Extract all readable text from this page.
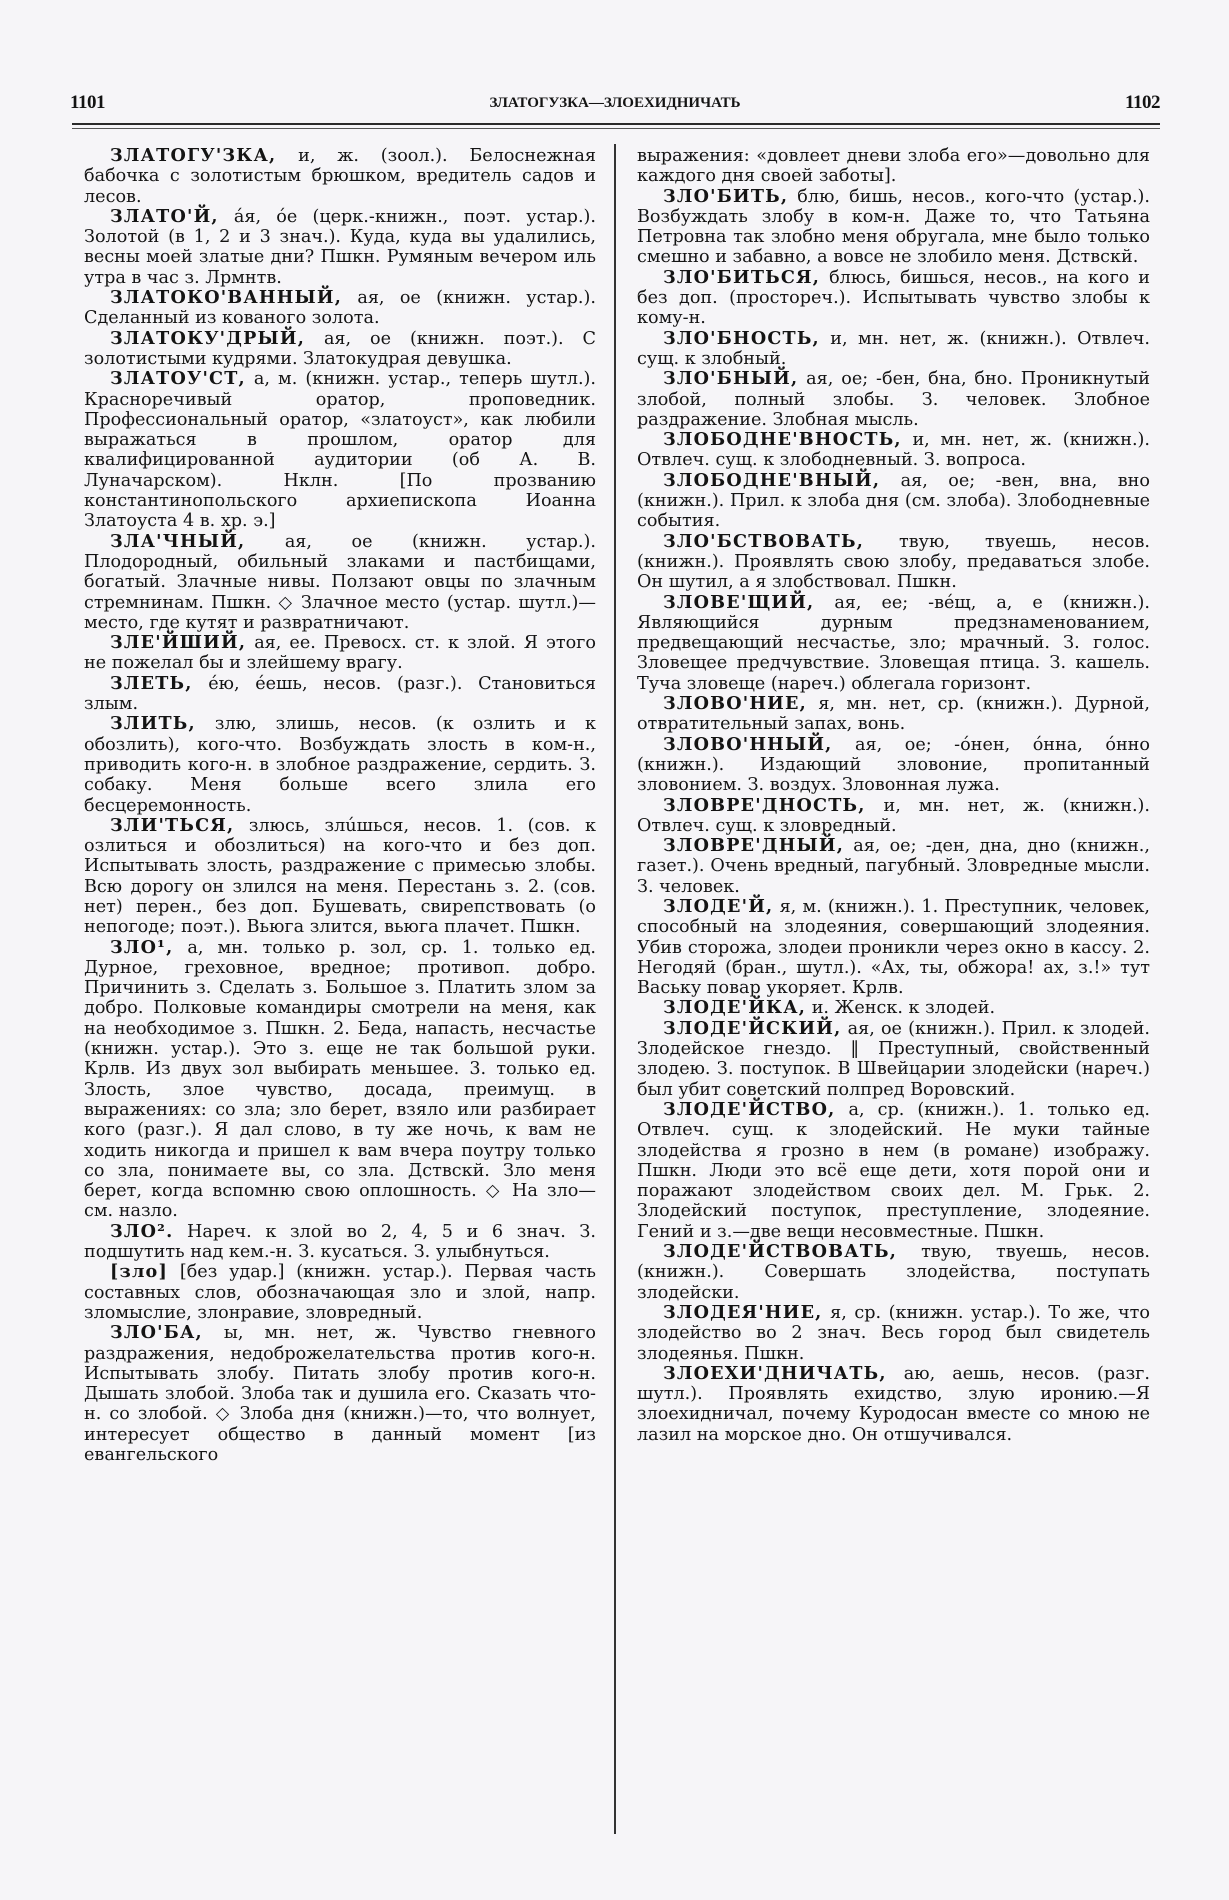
1101	ЗЛАТОГУЗКА—ЗЛОЕХИДНИЧАТЬ	1102

ЗЛАТОГУ'ЗКА, и, ж. (зоол.). Белоснежная бабочка с золотистым брюшком, вредитель садов и лесов.

ЗЛАТО'Й, áя, óе (церк.-книжн., поэт. устар.). Золотой (в 1, 2 и 3 знач.). Куда, куда вы удалились, весны моей златые дни? Пшкн. Румяным вечером иль утра в час з. Лрмнтв.

ЗЛАТОКО'ВАННЫЙ, ая, ое (книжн. устар.). Сделанный из кованого золота.

ЗЛАТОКУ'ДРЫЙ, ая, ое (книжн. поэт.). С золотистыми кудрями. Златокудрая девушка.

ЗЛАТОУ'СТ, а, м. (книжн. устар., теперь шутл.). Красноречивый оратор, проповедник. Профессиональный оратор, «златоуст», как любили выражаться в прошлом, оратор для квалифицированной аудитории (об А. В. Луначарском). Нклн. [По прозванию константинопольского архиепископа Иоанна Златоуста 4 в. хр. э.]

ЗЛА'ЧНЫЙ, ая, ое (книжн. устар.). Плодородный, обильный злаками и пастбищами, богатый. Злачные нивы. Ползают овцы по злачным стремнинам. Пшкн. ◇ Злачное место (устар. шутл.)—место, где кутят и развратничают.

ЗЛЕ'ЙШИЙ, ая, ее. Превосх. ст. к злой. Я этого не пожелал бы и злейшему врагу.

ЗЛЕТЬ, éю, éешь, несов. (разг.). Становиться злым.

ЗЛИТЬ, злю, злишь, несов. (к озлить и к обозлить), кого-что. Возбуждать злость в ком-н., приводить кого-н. в злобное раздражение, сердить. З. собаку. Меня больше всего злила его бесцеремонность.

ЗЛИ'ТЬСЯ, злюсь, злúшься, несов. 1. (сов. к озлиться и обозлиться) на кого-что и без доп. Испытывать злость, раздражение с примесью злобы. Всю дорогу он злился на меня. Перестань з. 2. (сов. нет) перен., без доп. Бушевать, свирепствовать (о непогоде; поэт.). Вьюга злится, вьюга плачет. Пшкн.

ЗЛО¹, а, мн. только р. зол, ср. 1. только ед. Дурное, греховное, вредное; противоп. добро. Причинить з. Сделать з. Большое з. Платить злом за добро. Полковые командиры смотрели на меня, как на необходимое з. Пшкн. 2. Беда, напасть, несчастье (книжн. устар.). Это з. еще не так большой руки. Крлв. Из двух зол выбирать меньшее. 3. только ед. Злость, злое чувство, досада, преимущ. в выражениях: со зла; зло берет, взяло или разбирает кого (разг.). Я дал слово, в ту же ночь, к вам не ходить никогда и пришел к вам вчера поутру только со зла, понимаете вы, со зла. Дствскй. Зло меня берет, когда вспомню свою оплошность. ◇ На зло—см. назло.

ЗЛО². Нареч. к злой во 2, 4, 5 и 6 знач. З. подшутить над кем.-н. З. кусаться. З. улыбнуться.

[зло] [без удар.] (книжн. устар.). Первая часть составных слов, обозначающая зло и злой, напр. зломыслие, злонравие, зловредный.

ЗЛО'БА, ы, мн. нет, ж. Чувство гневного раздражения, недоброжелательства против кого-н. Испытывать злобу. Питать злобу против кого-н. Дышать злобой. Злоба так и душила его. Сказать что-н. со злобой. ◇ Злоба дня (книжн.)—то, что волнует, интересует общество в данный момент [из евангельского

выражения: «довлеет дневи злоба его»—довольно для каждого дня своей заботы].

ЗЛО'БИТЬ, блю, бишь, несов., кого-что (устар.). Возбуждать злобу в ком-н. Даже то, что Татьяна Петровна так злобно меня обругала, мне было только смешно и забавно, а вовсе не злобило меня. Дствскй.

ЗЛО'БИТЬСЯ, блюсь, бишься, несов., на кого и без доп. (простореч.). Испытывать чувство злобы к кому-н.

ЗЛО'БНОСТЬ, и, мн. нет, ж. (книжн.). Отвлеч. сущ. к злобный.

ЗЛО'БНЫЙ, ая, ое; -бен, бна, бно. Проникнутый злобой, полный злобы. З. человек. Злобное раздражение. Злобная мысль.

ЗЛОБОДНЕ'ВНОСТЬ, и, мн. нет, ж. (книжн.). Отвлеч. сущ. к злободневный. З. вопроса.

ЗЛОБОДНЕ'ВНЫЙ, ая, ое; -вен, вна, вно (книжн.). Прил. к злоба дня (см. злоба). Злободневные события.

ЗЛО'БСТВОВАТЬ, твую, твуешь, несов. (книжн.). Проявлять свою злобу, предаваться злобе. Он шутил, а я злобствовал. Пшкн.

ЗЛОВЕ'ЩИЙ, ая, ее; -вéщ, а, е (книжн.). Являющийся дурным предзнаменованием, предвещающий несчастье, зло; мрачный. З. голос. Зловещее предчувствие. Зловещая птица. З. кашель. Туча зловеще (нареч.) облегала горизонт.

ЗЛОВО'НИЕ, я, мн. нет, ср. (книжн.). Дурной, отвратительный запах, вонь.

ЗЛОВО'ННЫЙ, ая, ое; -óнен, óнна, óнно (книжн.). Издающий зловоние, пропитанный зловонием. З. воздух. Зловонная лужа.

ЗЛОВРЕ'ДНОСТЬ, и, мн. нет, ж. (книжн.). Отвлеч. сущ. к зловредный.

ЗЛОВРЕ'ДНЫЙ, ая, ое; -ден, дна, дно (книжн., газет.). Очень вредный, пагубный. Зловредные мысли. З. человек.

ЗЛОДЕ'Й, я, м. (книжн.). 1. Преступник, человек, способный на злодеяния, совершающий злодеяния. Убив сторожа, злодеи проникли через окно в кассу. 2. Негодяй (бран., шутл.). «Ах, ты, обжора! ах, з.!» тут Ваську повар укоряет. Крлв.

ЗЛОДЕ'ЙКА, и. Женск. к злодей.

ЗЛОДЕ'ЙСКИЙ, ая, ое (книжн.). Прил. к злодей. Злодейское гнездо. ‖ Преступный, свойственный злодею. З. поступок. В Швейцарии злодейски (нареч.) был убит советский полпред Воровский.

ЗЛОДЕ'ЙСТВО, а, ср. (книжн.). 1. только ед. Отвлеч. сущ. к злодейский. Не муки тайные злодейства я грозно в нем (в романе) изображу. Пшкн. Люди это всё еще дети, хотя порой они и поражают злодейством своих дел. М. Грьк. 2. Злодейский поступок, преступление, злодеяние. Гений и з.—две вещи несовместные. Пшкн.

ЗЛОДЕ'ЙСТВОВАТЬ, твую, твуешь, несов. (книжн.). Совершать злодейства, поступать злодейски.

ЗЛОДЕЯ'НИЕ, я, ср. (книжн. устар.). То же, что злодейство во 2 знач. Весь город был свидетель злодеянья. Пшкн.

ЗЛОЕХИ'ДНИЧАТЬ, аю, аешь, несов. (разг. шутл.). Проявлять ехидство, злую иронию.—Я злоехидничал, почему Куродосан вместе со мною не лазил на морское дно. Он отшучивался.
